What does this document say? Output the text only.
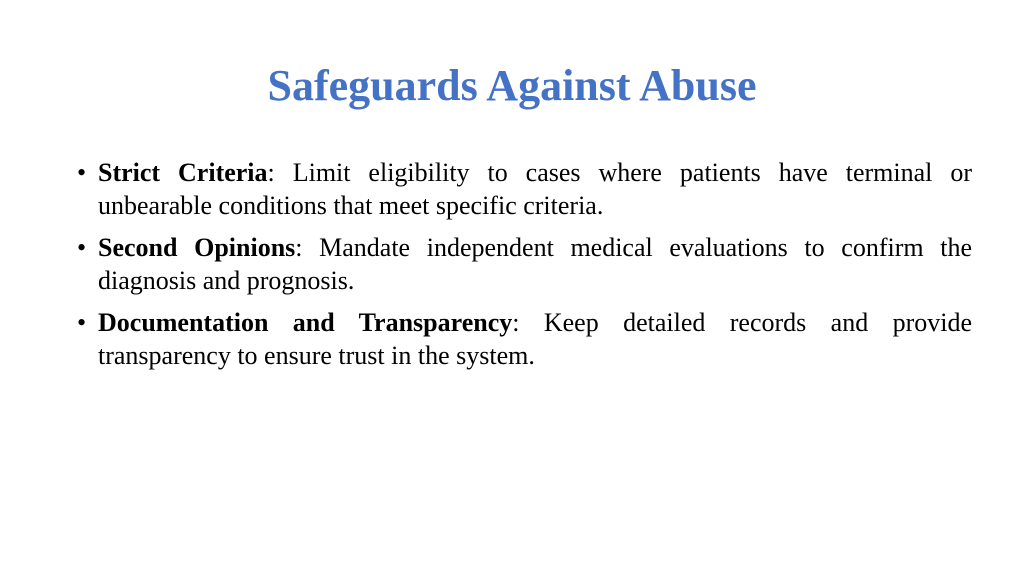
Safeguards Against Abuse
• Strict Criteria: Limit eligibility to cases where patients have terminal or unbearable conditions that meet specific criteria.
• Second Opinions: Mandate independent medical evaluations to confirm the diagnosis and prognosis.
• Documentation and Transparency: Keep detailed records and provide transparency to ensure trust in the system.
